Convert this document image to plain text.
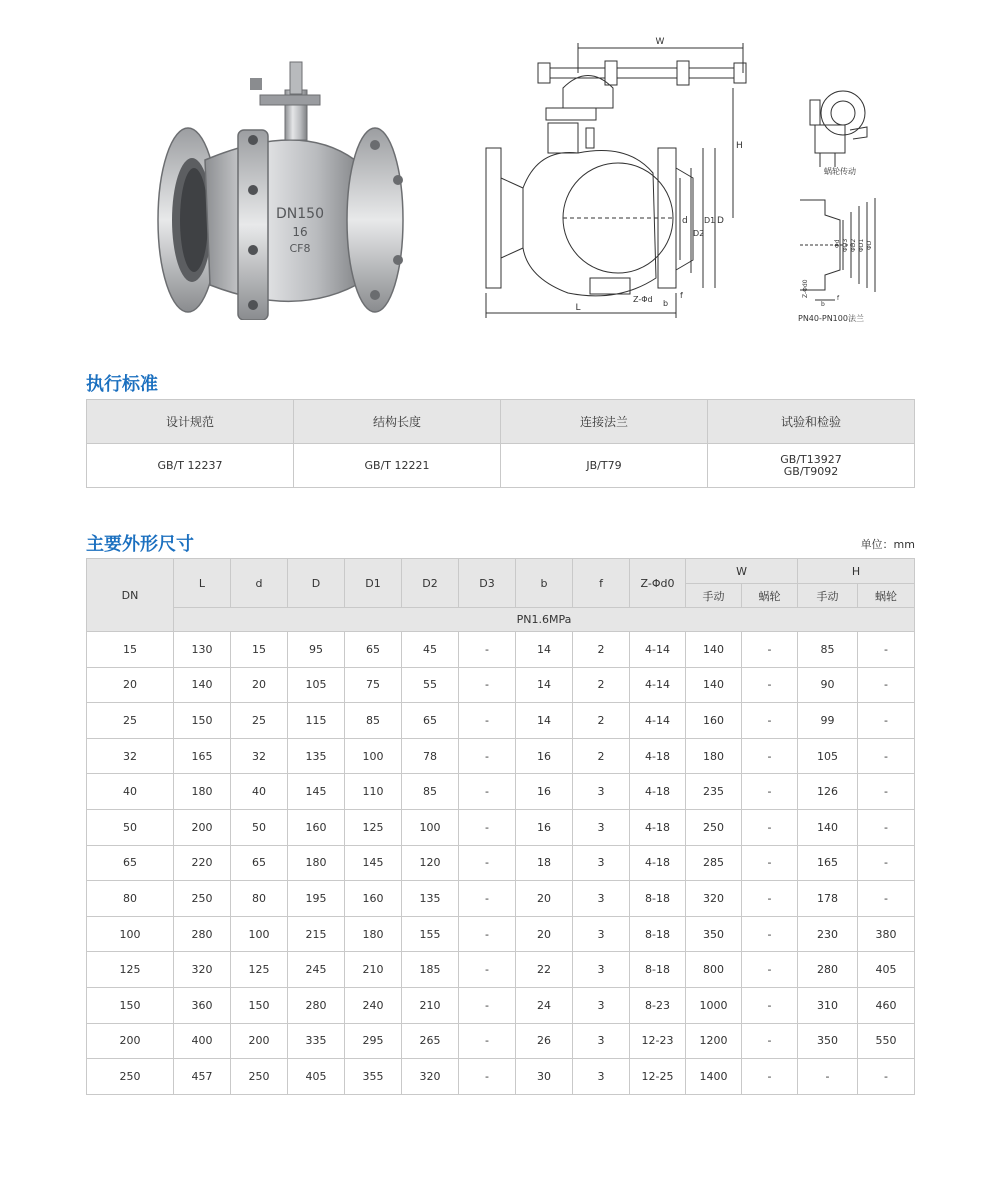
DN150
16
CF8
W
H
d
D2
D1 D
L
Z-Φd b
f
蜗轮传动
Φd ΦD3 ΦD2 ΦD1 ΦD
Z-Φd0
b
f
PN40-PN100法兰
执行标准
设计规范	结构长度	连接法兰	试验和检验
GB/T 12237	GB/T 12221	JB/T79	GB/T13927
GB/T9092
主要外形尺寸	单位：mm
DN	L	d	D	D1	D2	D3	b	f	Z-Φd0	W		H	
										手动	蜗轮	手动	蜗轮
	PN1.6MPa												
15	130	15	95	65	45	-	14	2	4-14	140	-	85	-
20	140	20	105	75	55	-	14	2	4-14	140	-	90	-
25	150	25	115	85	65	-	14	2	4-14	160	-	99	-
32	165	32	135	100	78	-	16	2	4-18	180	-	105	-
40	180	40	145	110	85	-	16	3	4-18	235	-	126	-
50	200	50	160	125	100	-	16	3	4-18	250	-	140	-
65	220	65	180	145	120	-	18	3	4-18	285	-	165	-
80	250	80	195	160	135	-	20	3	8-18	320	-	178	-
100	280	100	215	180	155	-	20	3	8-18	350	-	230	380
125	320	125	245	210	185	-	22	3	8-18	800	-	280	405
150	360	150	280	240	210	-	24	3	8-23	1000	-	310	460
200	400	200	335	295	265	-	26	3	12-23	1200	-	350	550
250	457	250	405	355	320	-	30	3	12-25	1400	-	-	-
